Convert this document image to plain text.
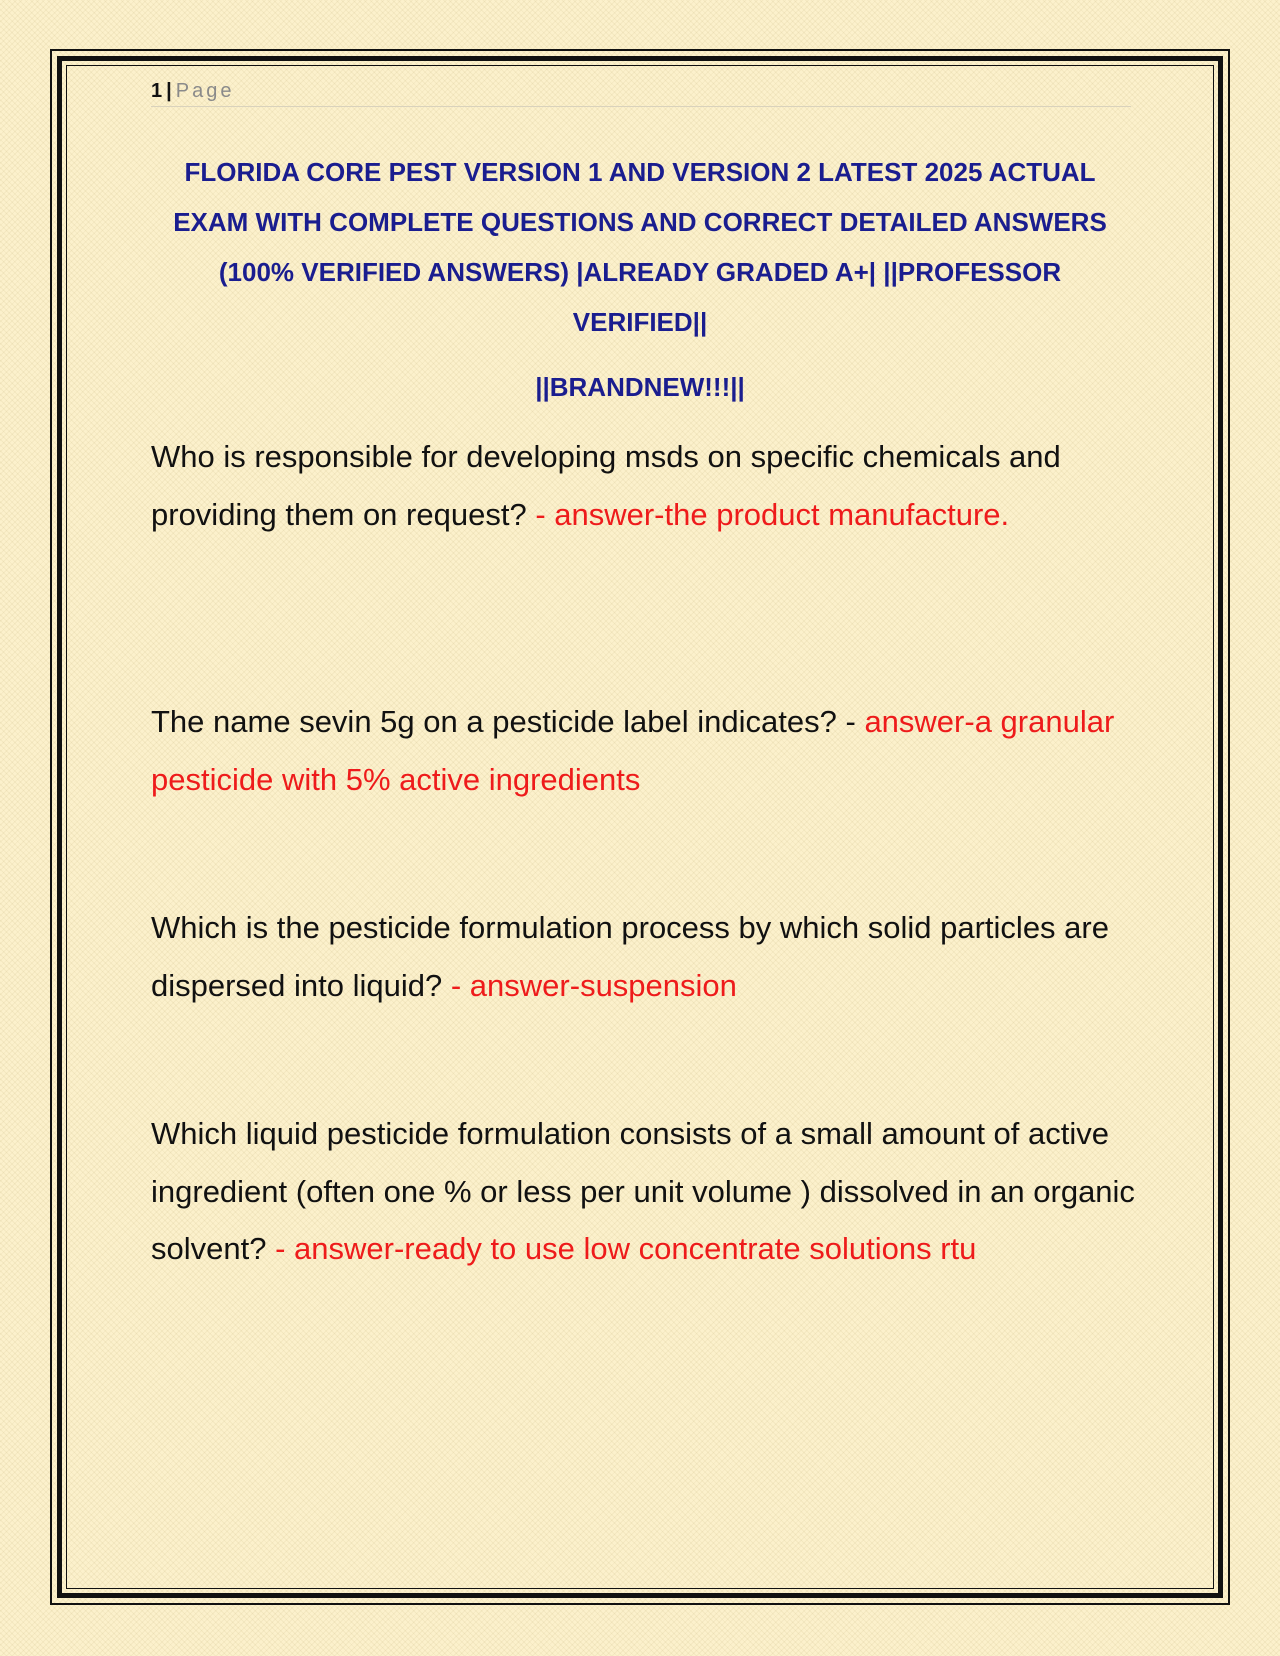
1 | Page

FLORIDA CORE PEST VERSION 1 AND VERSION 2 LATEST 2025 ACTUAL EXAM WITH COMPLETE QUESTIONS AND CORRECT DETAILED ANSWERS (100% VERIFIED ANSWERS) |ALREADY GRADED A+| ||PROFESSOR VERIFIED||

||BRANDNEW!!!||

Who is responsible for developing msds on specific chemicals and providing them on request? - answer-the product manufacture.

The name sevin 5g on a pesticide label indicates? - answer-a granular pesticide with 5% active ingredients

Which is the pesticide formulation process by which solid particles are dispersed into liquid? - answer-suspension

Which liquid pesticide formulation consists of a small amount of active ingredient (often one % or less per unit volume ) dissolved in an organic solvent? - answer-ready to use low concentrate solutions rtu
